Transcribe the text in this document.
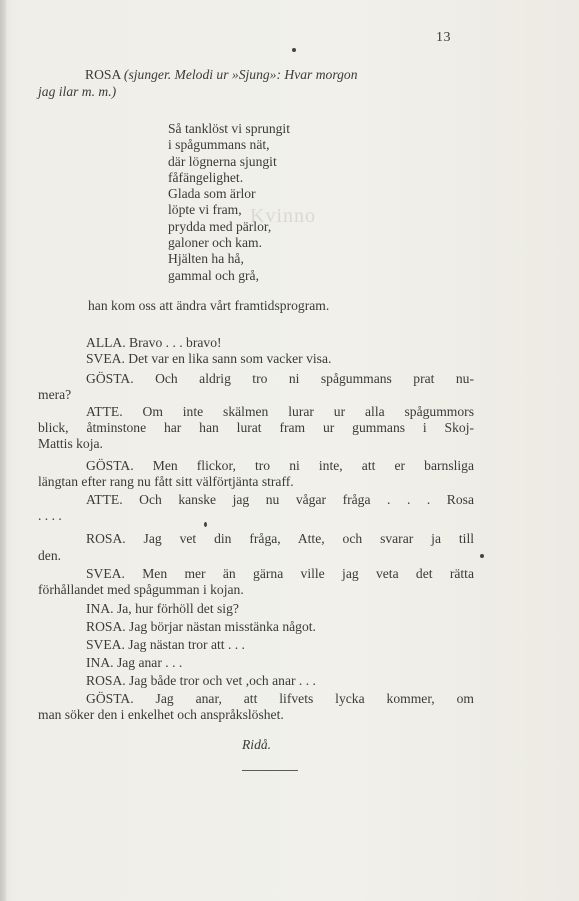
Kvinno
13
ROSA (sjunger. Melodi ur »Sjung»: Hvar morgon
jag ilar m. m.)
Så tanklöst vi sprungit
i spågummans nät,
där lögnerna sjungit
fåfängelighet.
Glada som ärlor
löpte vi fram,
prydda med pärlor,
galoner och kam.
Hjälten ha hå,
gammal och grå,
han kom oss att ändra vårt framtidsprogram.
ALLA. Bravo . . . bravo!
SVEA. Det var en lika sann som vacker visa.
GÖSTA. Och aldrig tro ni spågummans prat nu-
mera?
ATTE. Om inte skälmen lurar ur alla spågummors
blick, åtminstone har han lurat fram ur gummans i Skoj-
Mattis koja.
GÖSTA. Men flickor, tro ni inte, att er barnsliga
längtan efter rang nu fått sitt välförtjänta straff.
ATTE. Och kanske jag nu vågar fråga . . . Rosa
. . . .
ROSA. Jag vet din fråga, Atte, och svarar ja till
den.
SVEA. Men mer än gärna ville jag veta det rätta
förhållandet med spågumman i kojan.
INA. Ja, hur förhöll det sig?
ROSA. Jag börjar nästan misstänka något.
SVEA. Jag nästan tror att . . .
INA. Jag anar . . .
ROSA. Jag både tror och vet ,och anar . . .
GÖSTA. Jag anar, att lifvets lycka kommer, om
man söker den i enkelhet och anspråkslöshet.
Ridå.
